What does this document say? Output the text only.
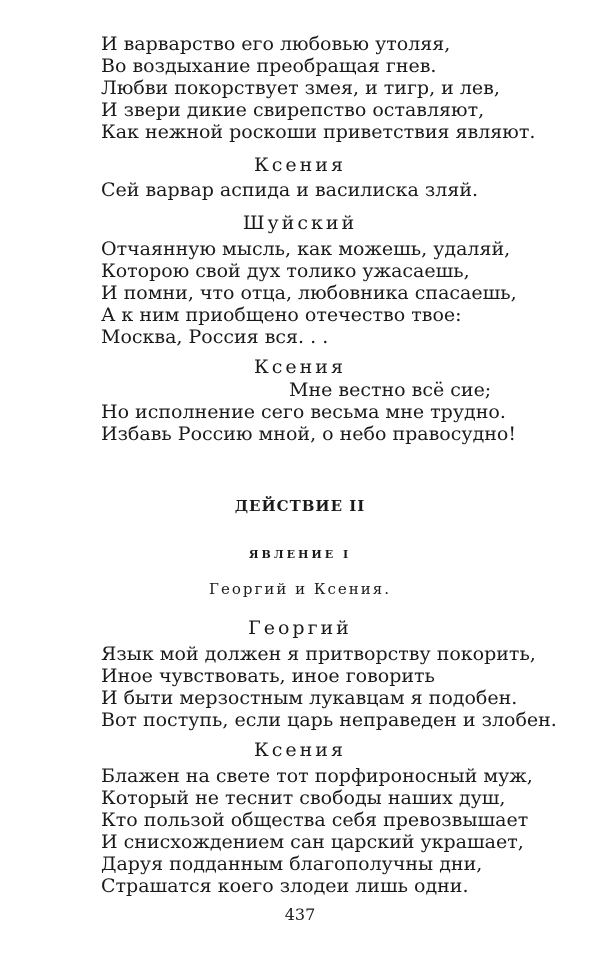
И варварство его любовью утоляя,
Во воздыхание преобращая гнев.
Любви покорствует змея, и тигр, и лев,
И звери дикие свирепство оставляют,
Как нежной роскоши приветствия являют.
Ксения
Сей варвар аспида и василиска зляй.
Шуйский
Отчаянную мысль, как можешь, удаляй,
Которою свой дух толико ужасаешь,
И помни, что отца, любовника спасаешь,
А к ним приобщено отечество твое:
Москва, Россия вся. . .
Ксения
Мне вестно всё сие;
Но исполнение сего весьма мне трудно.
Избавь Россию мной, о небо правосудно!
ДЕЙСТВИЕ II
ЯВЛЕНИЕ I
Георгий и Ксения.
Георгий
Язык мой должен я притворству покорить,
Иное чувствовать, иное говорить
И быти мерзостным лукавцам я подобен.
Вот поступь, если царь неправеден и злобен.
Ксения
Блажен на свете тот порфироносный муж,
Который не теснит свободы наших душ,
Кто пользой общества себя превозвышает
И снисхождением сан царский украшает,
Даруя подданным благополучны дни,
Страшатся коего злодеи лишь одни.
437
